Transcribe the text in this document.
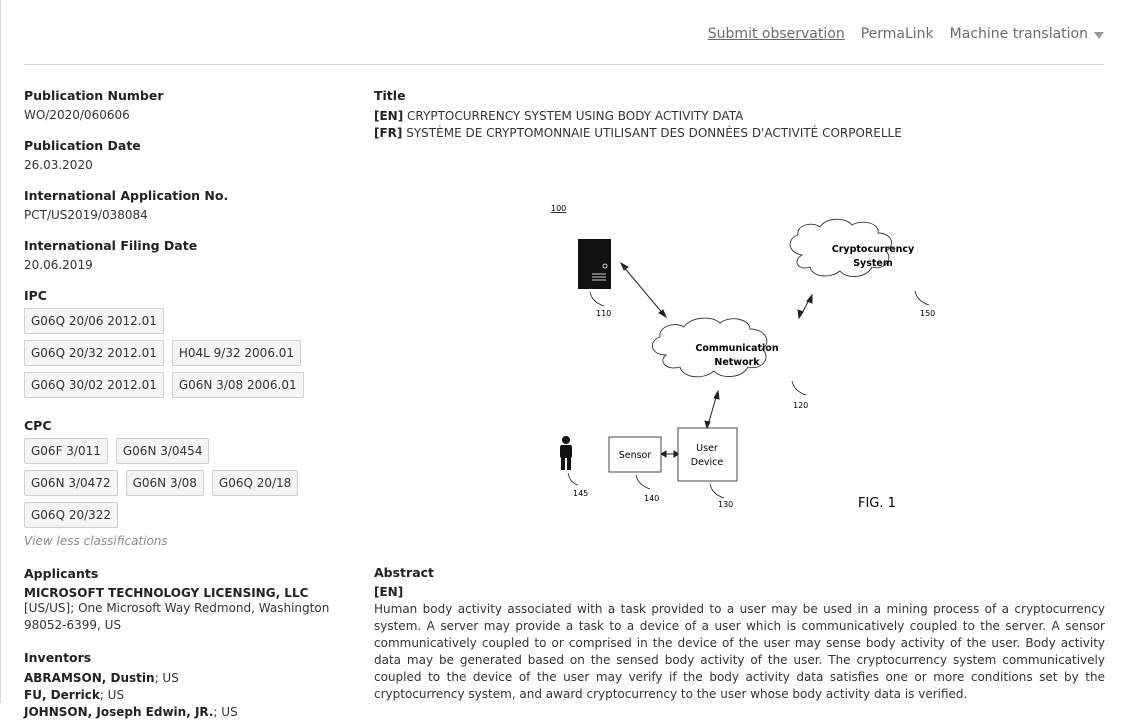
Submit observation PermaLink Machine translation
Publication Number
WO/2020/060606
Publication Date
26.03.2020
International Application No.
PCT/US2019/038084
International Filing Date
20.06.2019
IPC
G06Q 20/06 2012.01
G06Q 20/32 2012.01	H04L 9/32 2006.01
G06Q 30/02 2012.01	G06N 3/08 2006.01
CPC
G06F 3/011	G06N 3/0454
G06N 3/0472	G06N 3/08	G06Q 20/18
G06Q 20/322
View less classifications
Applicants
MICROSOFT TECHNOLOGY LICENSING, LLC
[US/US]; One Microsoft Way Redmond, Washington 98052-6399, US
Inventors
ABRAMSON, Dustin; US
FU, Derrick; US
JOHNSON, Joseph Edwin, JR.; US
Title
[EN] CRYPTOCURRENCY SYSTEM USING BODY ACTIVITY DATA
[FR] SYSTÈME DE CRYPTOMONNAIE UTILISANT DES DONNÉES D'ACTIVITÉ CORPORELLE
100
110
Cryptocurrency
System
150
Communication
Network
120
145
Sensor
140
User
Device
130	FIG. 1
Abstract
[EN]

Human body activity associated with a task provided to a user may be used in a mining process of a cryptocurrency system. A server may provide a task to a device of a user which is communicatively coupled to the server. A sensor communicatively coupled to or comprised in the device of the user may sense body activity of the user. Body activity data may be generated based on the sensed body activity of the user. The cryptocurrency system communicatively coupled to the device of the user may verify if the body activity data satisfies one or more conditions set by the cryptocurrency system, and award cryptocurrency to the user whose body activity data is verified.
